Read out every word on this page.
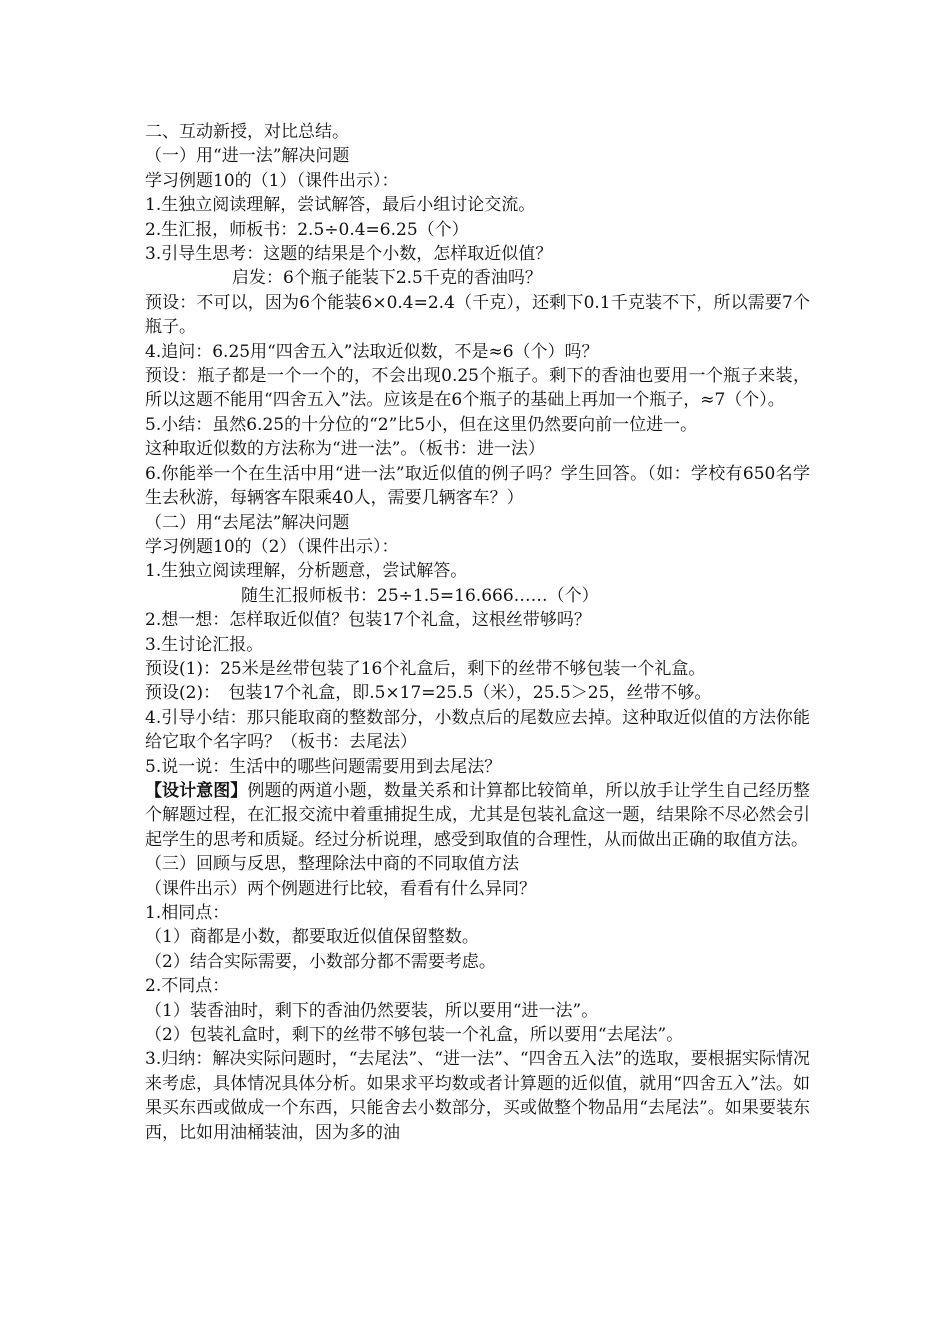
二、互动新授，对比总结。

（一）用“进一法”解决问题

学习例题10的（1）（课件出示）：

1.生独立阅读理解，尝试解答，最后小组讨论交流。

2.生汇报，师板书：2.5÷0.4=6.25（个）

3.引导生思考：这题的结果是个小数，怎样取近似值？

启发：6个瓶子能装下2.5千克的香油吗？

预设：不可以，因为6个能装6×0.4=2.4（千克），还剩下0.1千克装不下，所以需要7个瓶子。

4.追问：6.25用“四舍五入”法取近似数，不是≈6（个）吗？

预设：瓶子都是一个一个的，不会出现0.25个瓶子。剩下的香油也要用一个瓶子来装，所以这题不能用“四舍五入”法。应该是在6个瓶子的基础上再加一个瓶子，≈7（个）。

5.小结：虽然6.25的十分位的“2”比5小，但在这里仍然要向前一位进一。

这种取近似数的方法称为“进一法”。（板书：进一法）

6.你能举一个在生活中用“进一法”取近似值的例子吗？学生回答。（如：学校有650名学生去秋游，每辆客车限乘40人，需要几辆客车？）

（二）用“去尾法”解决问题

学习例题10的（2）（课件出示）：

1.生独立阅读理解，分析题意，尝试解答。

随生汇报师板书：25÷1.5=16.666……（个）

2.想一想：怎样取近似值？包装17个礼盒，这根丝带够吗？

3.生讨论汇报。

预设(1)：25米是丝带包装了16个礼盒后，剩下的丝带不够包装一个礼盒。

预设(2)：　包装17个礼盒，即.5×17=25.5（米），25.5＞25，丝带不够。

4.引导小结：那只能取商的整数部分，小数点后的尾数应去掉。这种取近似值的方法你能给它取个名字吗？（板书：去尾法）

5.说一说：生活中的哪些问题需要用到去尾法？

【设计意图】例题的两道小题，数量关系和计算都比较简单，所以放手让学生自己经历整个解题过程，在汇报交流中着重捕捉生成，尤其是包装礼盒这一题，结果除不尽必然会引起学生的思考和质疑。经过分析说理，感受到取值的合理性，从而做出正确的取值方法。

（三）回顾与反思，整理除法中商的不同取值方法

（课件出示）两个例题进行比较，看看有什么异同？

1.相同点：

（1）商都是小数，都要取近似值保留整数。

（2）结合实际需要，小数部分都不需要考虑。

2.不同点：

（1）装香油时，剩下的香油仍然要装，所以要用“进一法”。

（2）包装礼盒时，剩下的丝带不够包装一个礼盒，所以要用“去尾法”。

3.归纳：解决实际问题时，“去尾法”、“进一法”、“四舍五入法”的选取，要根据实际情况来考虑，具体情况具体分析。如果求平均数或者计算题的近似值，就用“四舍五入”法。如果买东西或做成一个东西，只能舍去小数部分，买或做整个物品用“去尾法”。如果要装东西，比如用油桶装油，因为多的油
